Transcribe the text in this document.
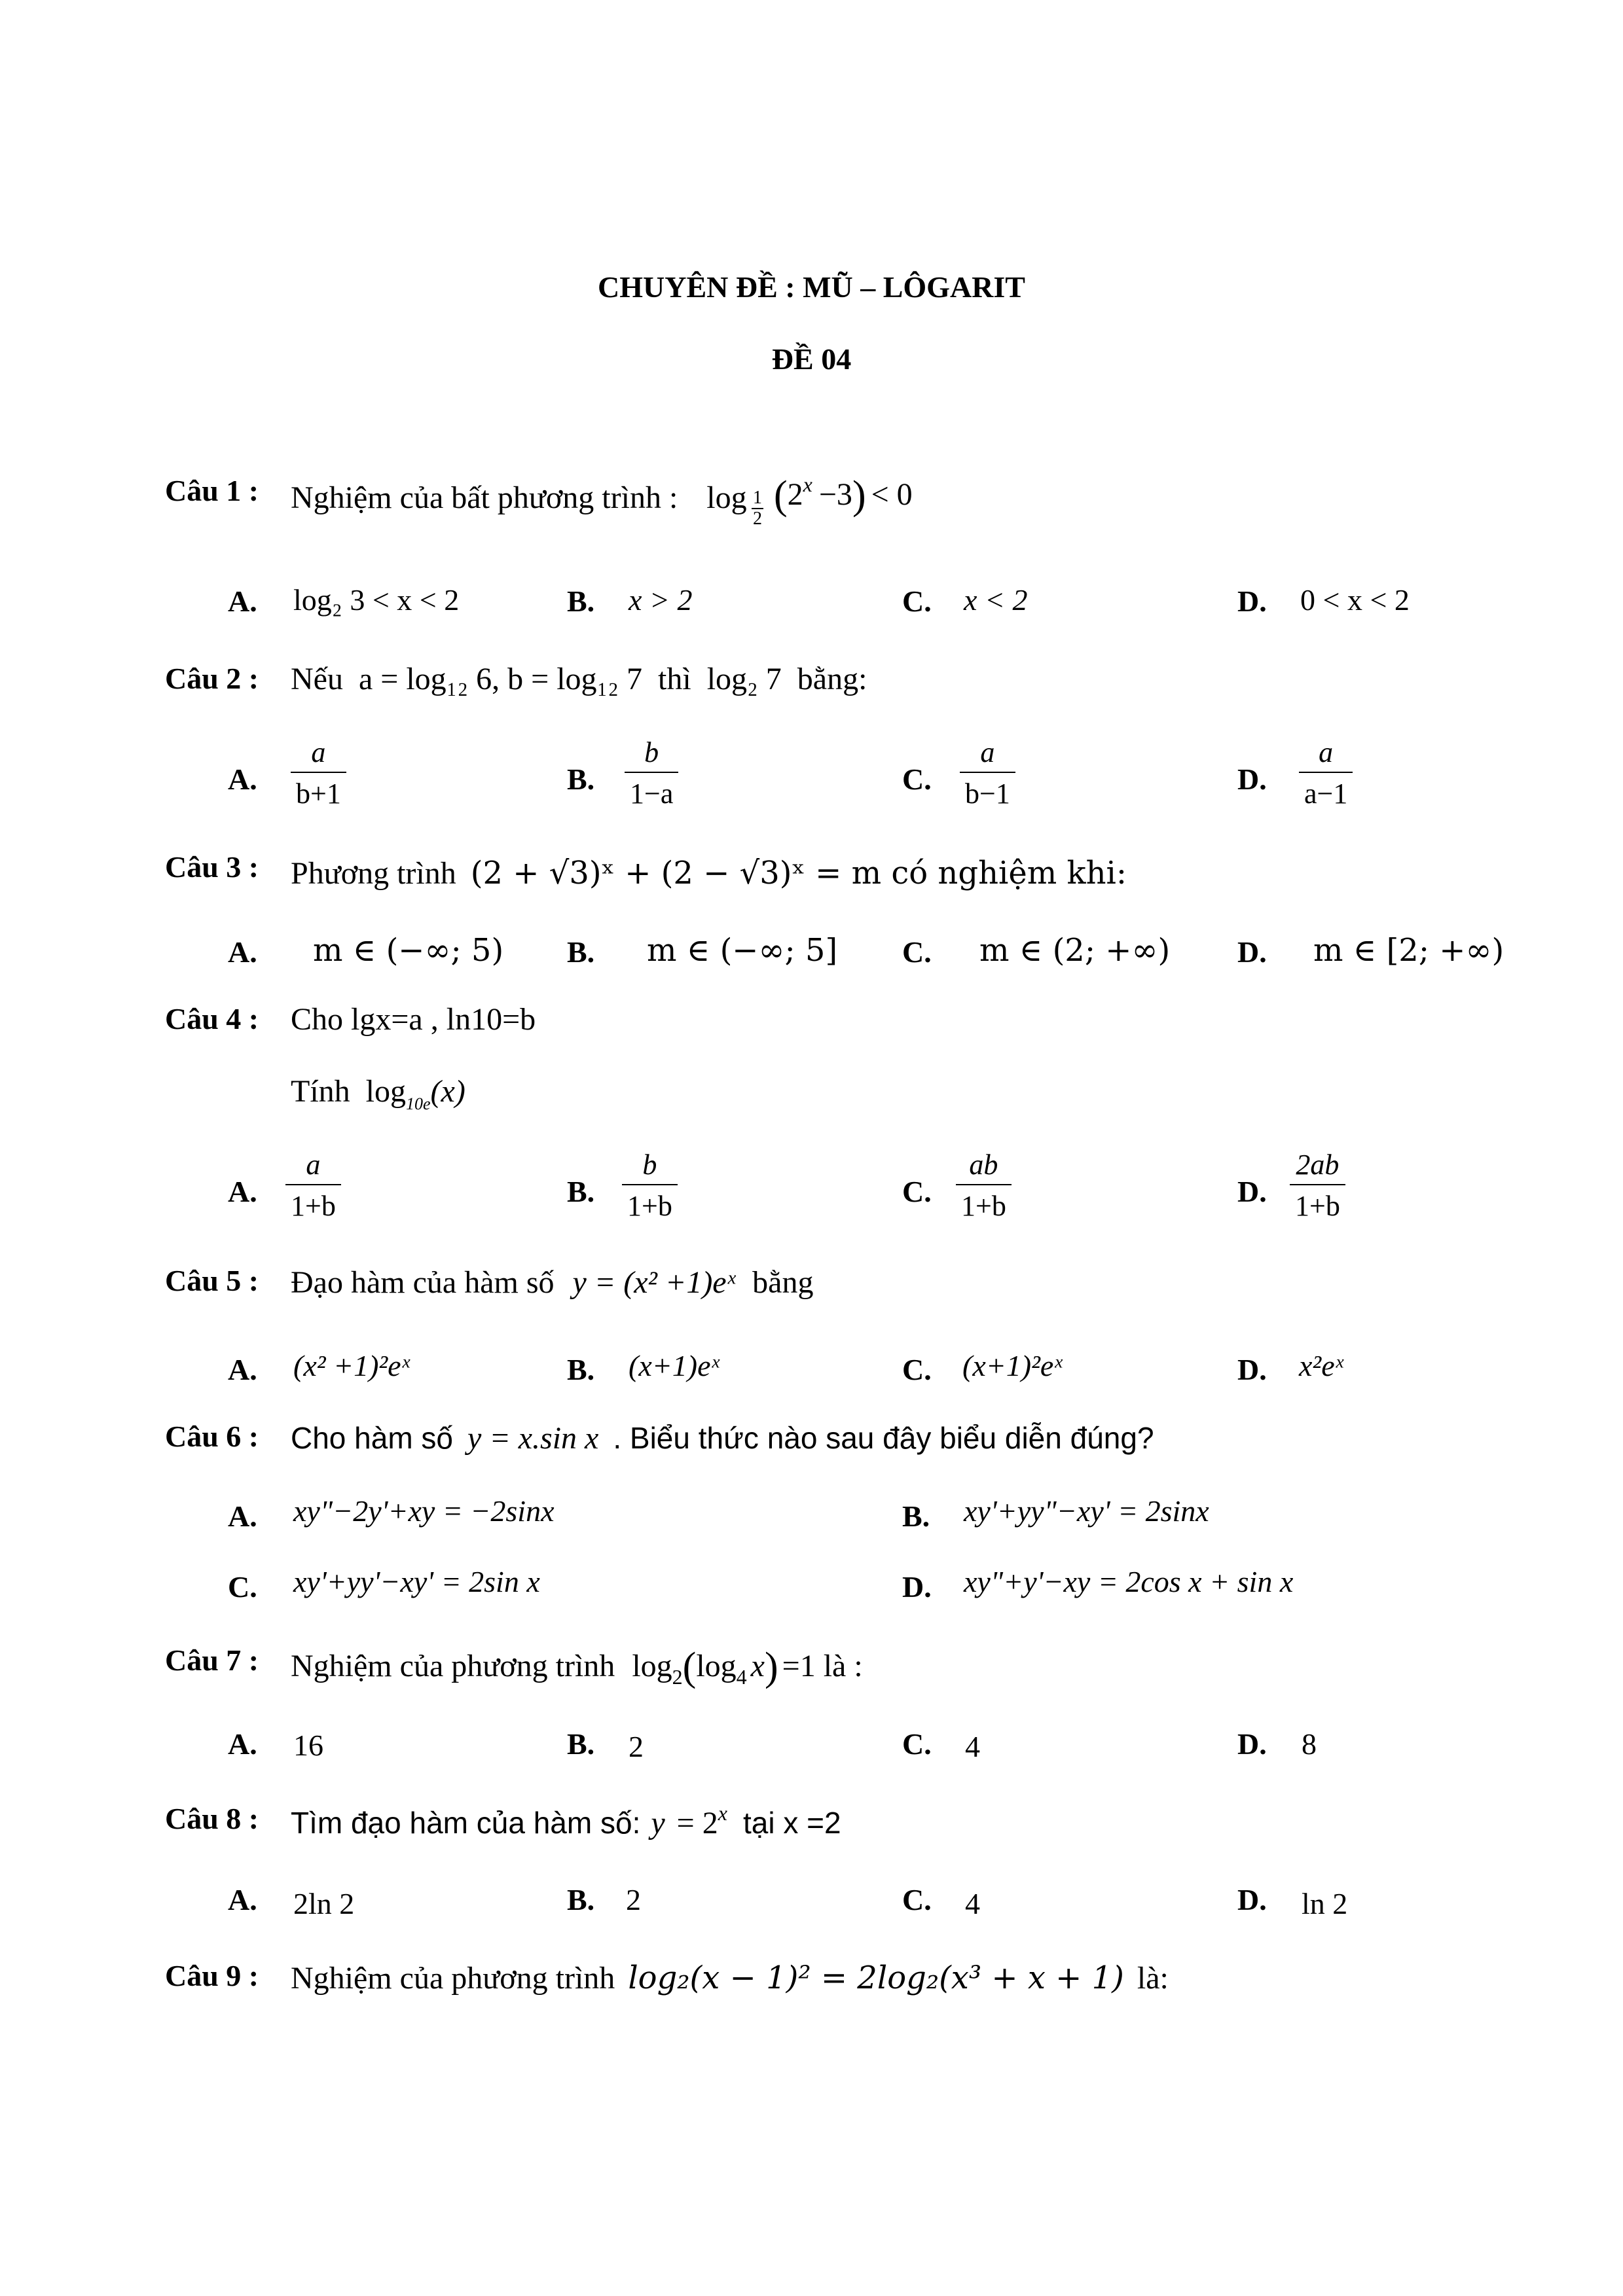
CHUYÊN ĐỀ : MŨ – LÔGARIT
ĐỀ 04
Câu 1 : Nghiệm của bất phương trình : log 1
2
$(2^x -3) < 0$
A. log₂ 3 < x < 2	B. x > 2	C. x < 2	D. 0 < x < 2
Câu 2 : Nếu a = log₁₂ 6, b = log₁₂ 7 thì log₂ 7 bằng:
A. $\frac{a}{b+1}$	B. $\frac{b}{1-a}$	C. $\frac{a}{b-1}$	D. $\frac{a}{a-1}$
Câu 3 : Phương trình (2 + √3)ˣ + (2 − √3)ˣ = m có nghiệm khi:
A. m ∈ (−∞; 5) B. m ∈ (−∞; 5] C. m ∈ (2; +∞) D. m ∈ [2; +∞)
Câu 4 : Cho lgx=a , ln10=b
Tính $\log_{10e}(x)$
A. $\frac{a}{1+b}$	B. $\frac{b}{1+b}$	C. $\frac{ab}{1+b}$	D. $\frac{2ab}{1+b}$
Câu 5 : Đạo hàm của hàm số y = (x² +1)eˣ bằng
A. (x² +1)²eˣ	B. (x+1)eˣ	C. (x+1)²eˣ	D. x²eˣ
Câu 6 : Cho hàm số y = x.sin x . Biểu thức nào sau đây biểu diễn đúng?
A. xy"−2y'+xy = −2sinx	B. xy'+yy"−xy' = 2sinx
C. xy'+yy'−xy' = 2sin x	D. xy"+y'−xy = 2cos x + sin x
Câu 7 : Nghiệm của phương trình $\log_2(\log_4$ x) =1 là :
A. 16	B. 2	C. 4	D. 8
Câu 8 : Tìm đạo hàm của hàm số: $y = 2^x$ tại x =2
A. 2ln 2	B. 2	C. 4	D. ln 2
Câu 9 : Nghiệm của phương trình log₂(x − 1)² = 2log₂(x³ + x + 1) là:
